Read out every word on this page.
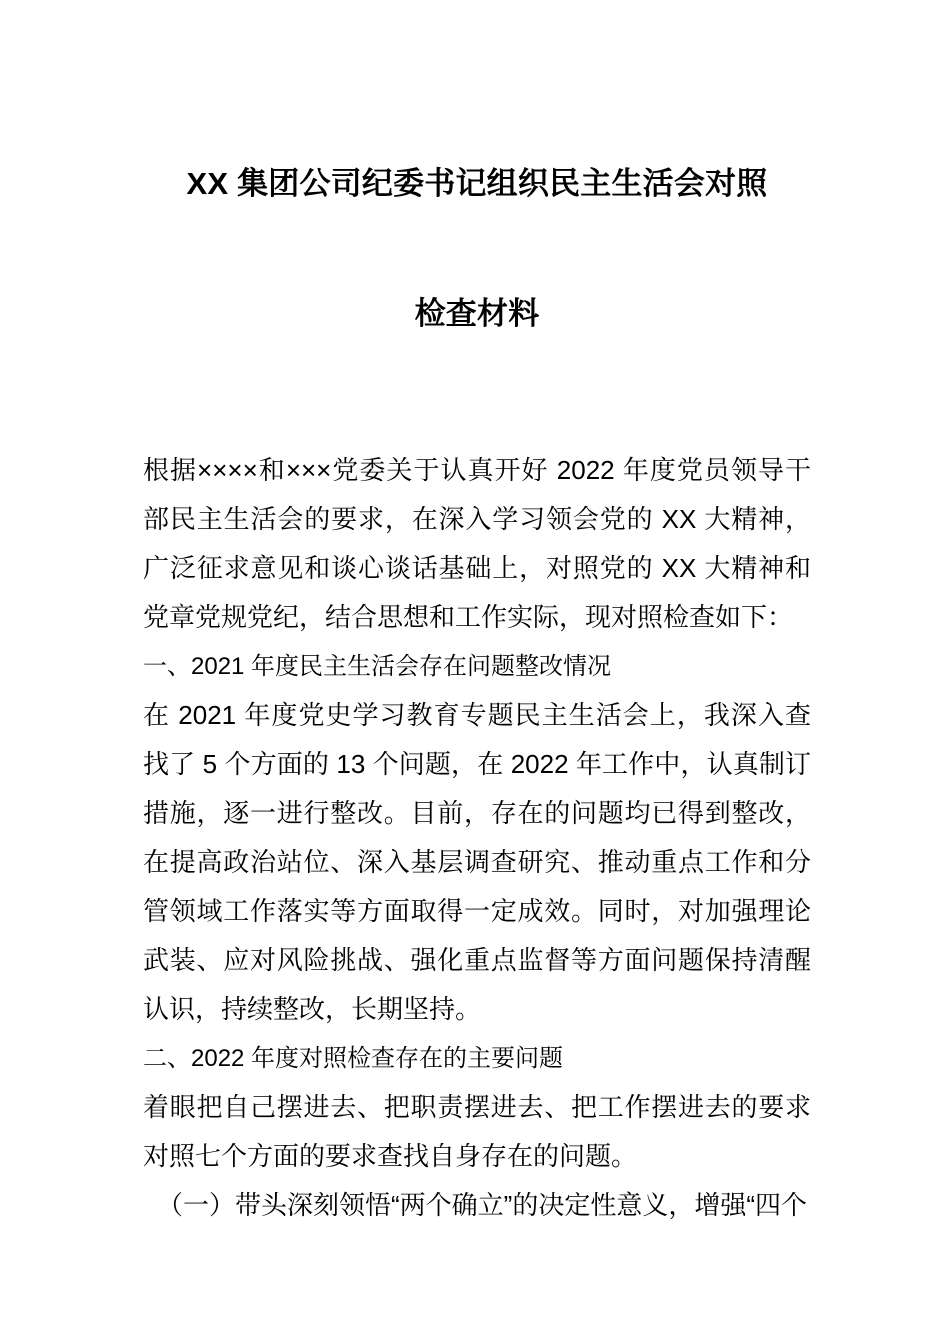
XX 集团公司纪委书记组织民主生活会对照
检查材料

根据××××和×××党委关于认真开好 2022 年度党员领导干部民主生活会的要求，在深入学习领会党的 XX 大精神，广泛征求意见和谈心谈话基础上，对照党的 XX 大精神和党章党规党纪，结合思想和工作实际，现对照检查如下：

一、2021 年度民主生活会存在问题整改情况

在 2021 年度党史学习教育专题民主生活会上，我深入查找了 5 个方面的 13 个问题，在 2022 年工作中，认真制订措施，逐一进行整改。目前，存在的问题均已得到整改，在提高政治站位、深入基层调查研究、推动重点工作和分管领域工作落实等方面取得一定成效。同时，对加强理论武装、应对风险挑战、强化重点监督等方面问题保持清醒认识，持续整改，长期坚持。

二、2022 年度对照检查存在的主要问题

着眼把自己摆进去、把职责摆进去、把工作摆进去的要求对照七个方面的要求查找自身存在的问题。

（一）带头深刻领悟“两个确立”的决定性意义，增强“四个
